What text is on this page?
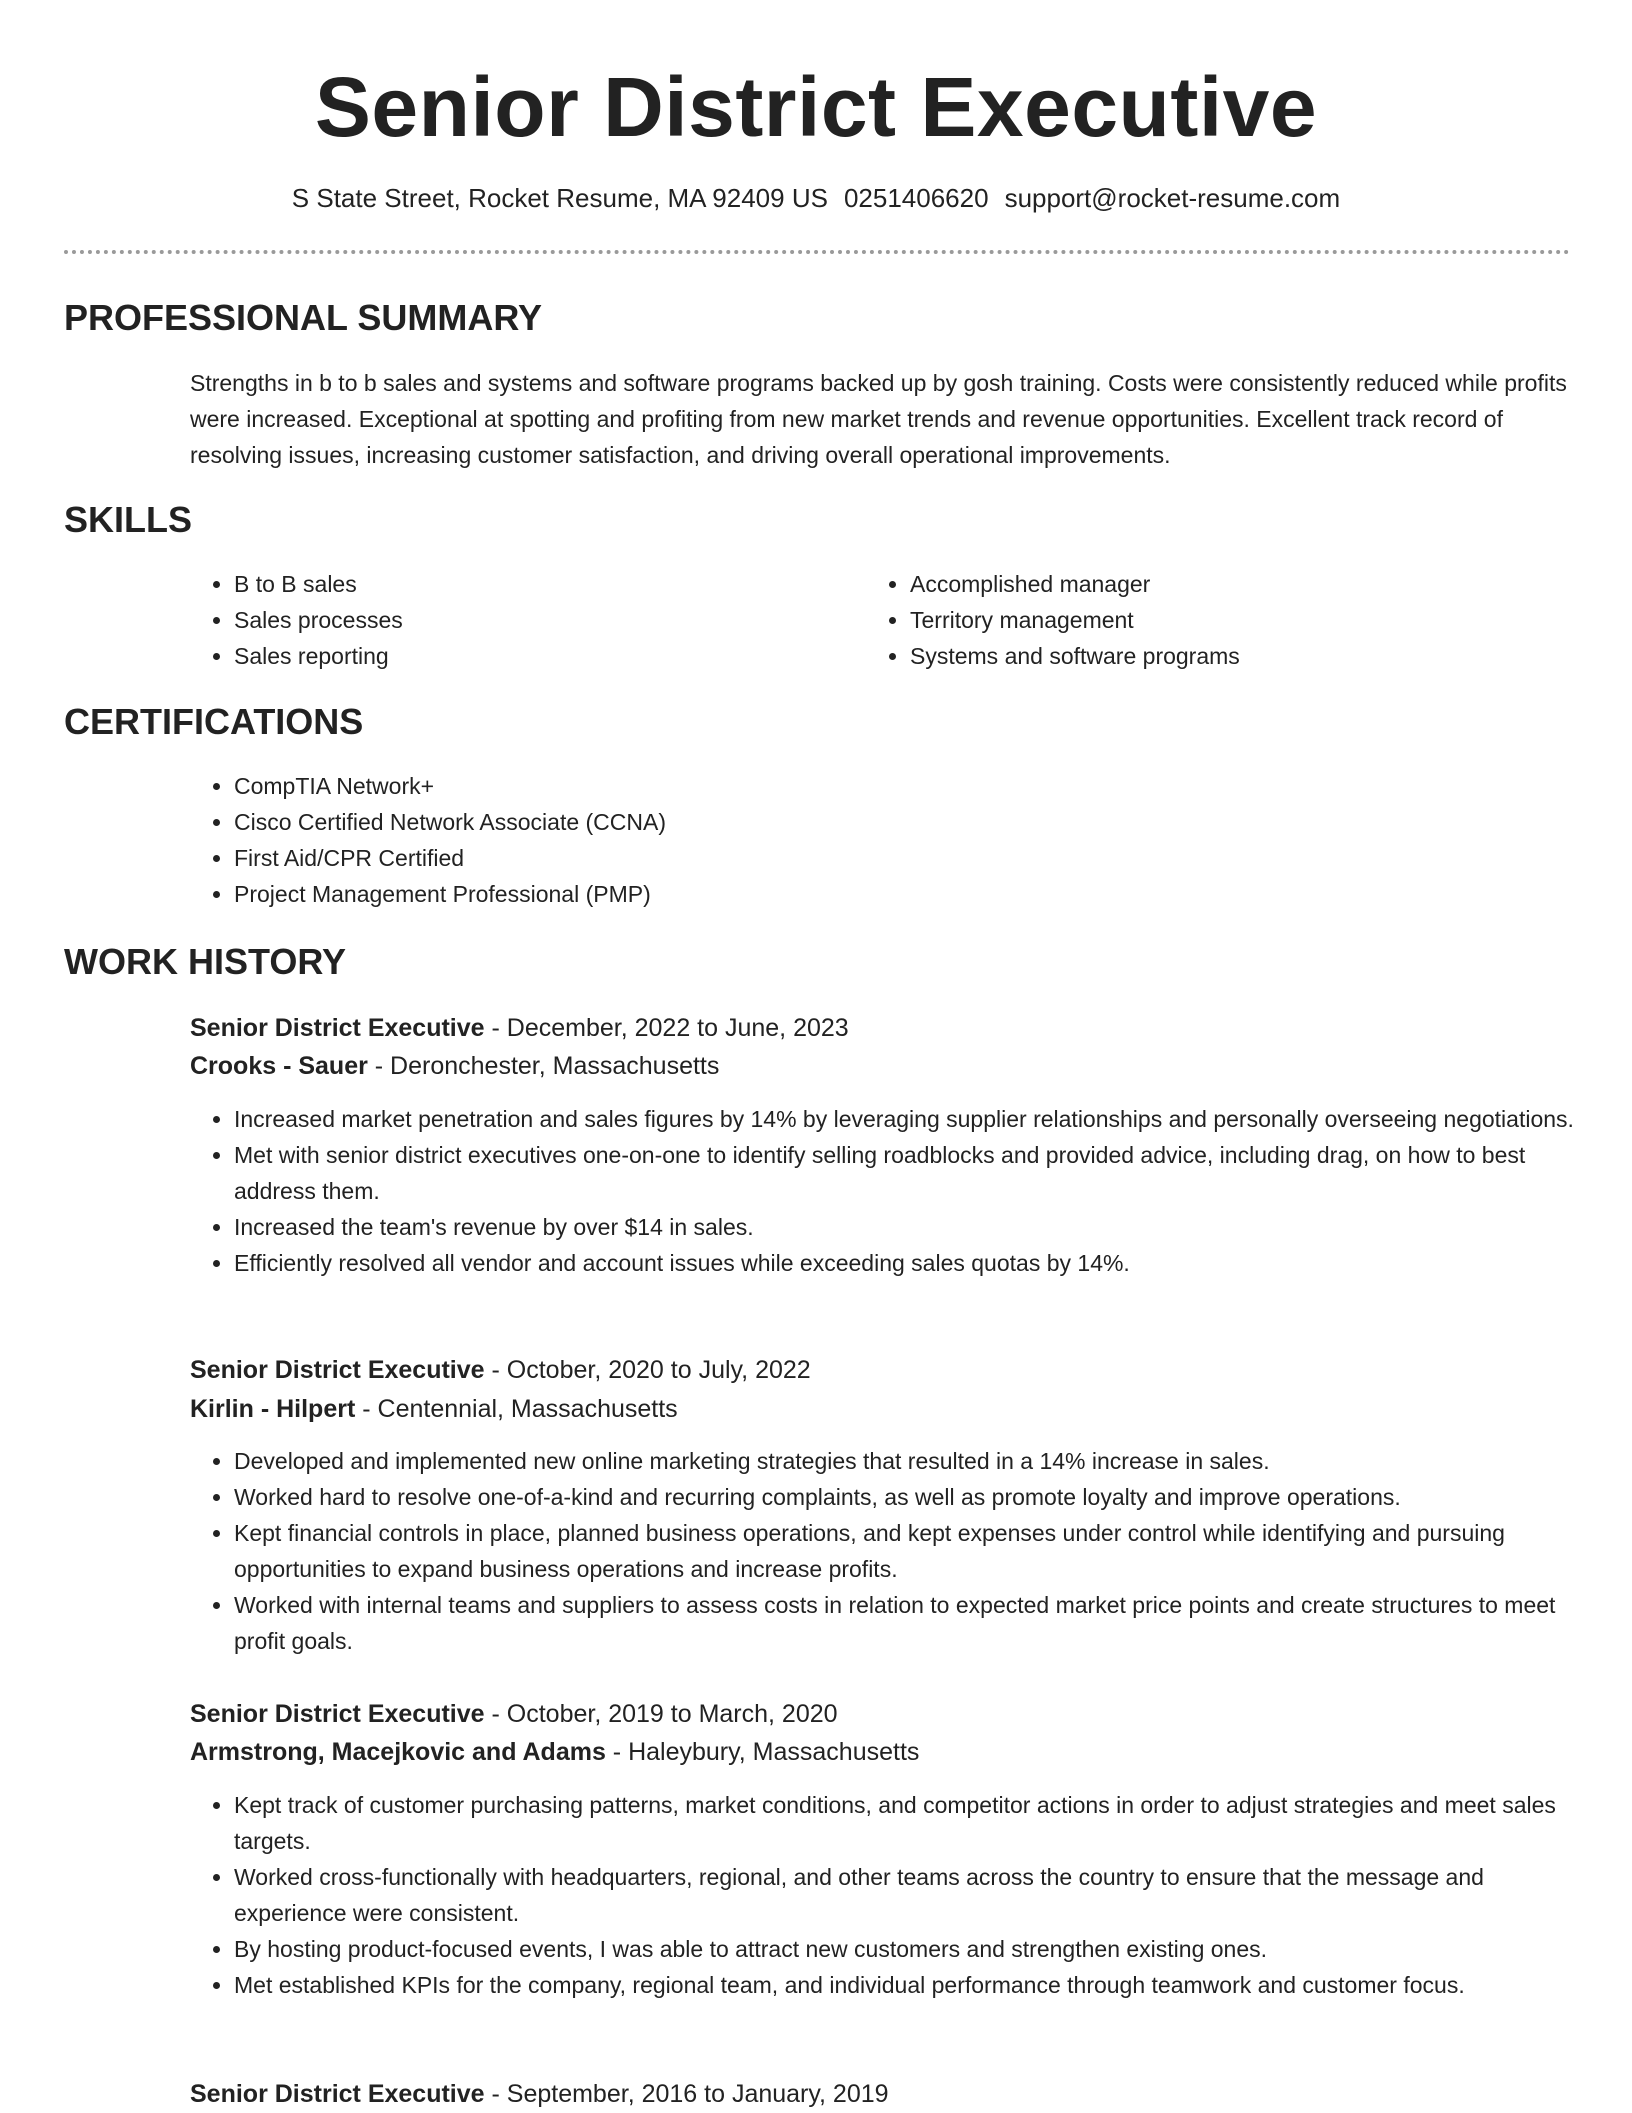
Senior District Executive
S State Street, Rocket Resume, MA 92409 US 0251406620 support@rocket-resume.com
PROFESSIONAL SUMMARY

Strengths in b to b sales and systems and software programs backed up by gosh training. Costs were consistently reduced while profits were increased. Exceptional at spotting and profiting from new market trends and revenue opportunities. Excellent track record of resolving issues, increasing customer satisfaction, and driving overall operational improvements.

SKILLS
• B to B sales
• Sales processes
• Sales reporting
• Accomplished manager
• Territory management
• Systems and software programs
CERTIFICATIONS
• CompTIA Network+
• Cisco Certified Network Associate (CCNA)
• First Aid/CPR Certified
• Project Management Professional (PMP)
WORK HISTORY

Senior District Executive - December, 2022 to June, 2023

Crooks - Sauer - Deronchester, Massachusetts

• Increased market penetration and sales figures by 14% by leveraging supplier relationships and personally overseeing negotiations.
• Met with senior district executives one-on-one to identify selling roadblocks and provided advice, including drag, on how to best address them.
• Increased the team's revenue by over $14 in sales.
• Efficiently resolved all vendor and account issues while exceeding sales quotas by 14%.

Senior District Executive - October, 2020 to July, 2022

Kirlin - Hilpert - Centennial, Massachusetts

• Developed and implemented new online marketing strategies that resulted in a 14% increase in sales.
• Worked hard to resolve one-of-a-kind and recurring complaints, as well as promote loyalty and improve operations.
• Kept financial controls in place, planned business operations, and kept expenses under control while identifying and pursuing opportunities to expand business operations and increase profits.
• Worked with internal teams and suppliers to assess costs in relation to expected market price points and create structures to meet profit goals.

Senior District Executive - October, 2019 to March, 2020

Armstrong, Macejkovic and Adams - Haleybury, Massachusetts

• Kept track of customer purchasing patterns, market conditions, and competitor actions in order to adjust strategies and meet sales targets.
• Worked cross-functionally with headquarters, regional, and other teams across the country to ensure that the message and experience were consistent.
• By hosting product-focused events, I was able to attract new customers and strengthen existing ones.
• Met established KPIs for the company, regional team, and individual performance through teamwork and customer focus.

Senior District Executive - September, 2016 to January, 2019
